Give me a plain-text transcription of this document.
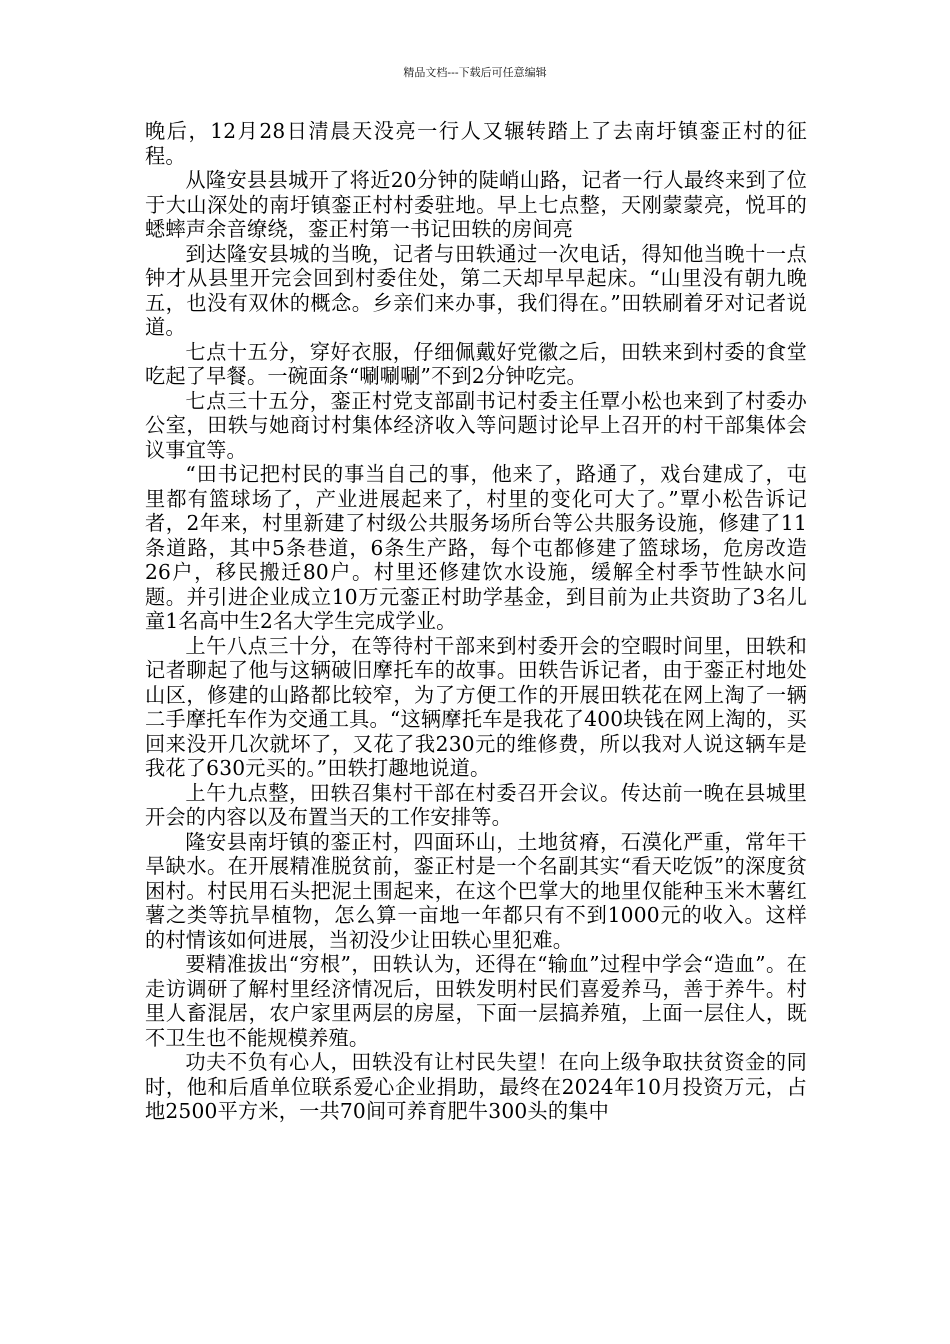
精品文档---下载后可任意编辑

晚后，12月28日清晨天没亮一行人又辗转踏上了去南圩镇銮正村的征程。

从隆安县县城开了将近20分钟的陡峭山路，记者一行人最终来到了位于大山深处的南圩镇銮正村村委驻地。早上七点整，天刚蒙蒙亮，悦耳的蟋蟀声余音缭绕，銮正村第一书记田轶的房间亮

到达隆安县城的当晚，记者与田轶通过一次电话，得知他当晚十一点钟才从县里开完会回到村委住处，第二天却早早起床。“山里没有朝九晚五，也没有双休的概念。乡亲们来办事，我们得在。”田轶刷着牙对记者说道。

七点十五分，穿好衣服，仔细佩戴好党徽之后，田轶来到村委的食堂吃起了早餐。一碗面条“唰唰唰”不到2分钟吃完。

七点三十五分，銮正村党支部副书记村委主任覃小松也来到了村委办公室，田轶与她商讨村集体经济收入等问题讨论早上召开的村干部集体会议事宜等。

“田书记把村民的事当自己的事，他来了，路通了，戏台建成了，屯里都有篮球场了，产业进展起来了，村里的变化可大了。”覃小松告诉记者，2年来，村里新建了村级公共服务场所台等公共服务设施，修建了11条道路，其中5条巷道，6条生产路，每个屯都修建了篮球场，危房改造26户，移民搬迁80户。村里还修建饮水设施，缓解全村季节性缺水问题。并引进企业成立10万元銮正村助学基金，到目前为止共资助了3名儿童1名高中生2名大学生完成学业。

上午八点三十分，在等待村干部来到村委开会的空暇时间里，田轶和记者聊起了他与这辆破旧摩托车的故事。田轶告诉记者，由于銮正村地处山区，修建的山路都比较窄，为了方便工作的开展田轶花在网上淘了一辆二手摩托车作为交通工具。“这辆摩托车是我花了400块钱在网上淘的，买回来没开几次就坏了，又花了我230元的维修费，所以我对人说这辆车是我花了630元买的。”田轶打趣地说道。

上午九点整，田轶召集村干部在村委召开会议。传达前一晚在县城里开会的内容以及布置当天的工作安排等。

隆安县南圩镇的銮正村，四面环山，土地贫瘠，石漠化严重，常年干旱缺水。在开展精准脱贫前，銮正村是一个名副其实“看天吃饭”的深度贫困村。村民用石头把泥土围起来，在这个巴掌大的地里仅能种玉米木薯红薯之类等抗旱植物，怎么算一亩地一年都只有不到1000元的收入。这样的村情该如何进展，当初没少让田轶心里犯难。

要精准拔出“穷根”，田轶认为，还得在“输血”过程中学会“造血”。在走访调研了解村里经济情况后，田轶发明村民们喜爱养马，善于养牛。村里人畜混居，农户家里两层的房屋，下面一层搞养殖，上面一层住人，既不卫生也不能规模养殖。

功夫不负有心人，田轶没有让村民失望！在向上级争取扶贫资金的同时，他和后盾单位联系爱心企业捐助，最终在2024年10月投资万元，占地2500平方米，一共70间可养育肥牛300头的集中
